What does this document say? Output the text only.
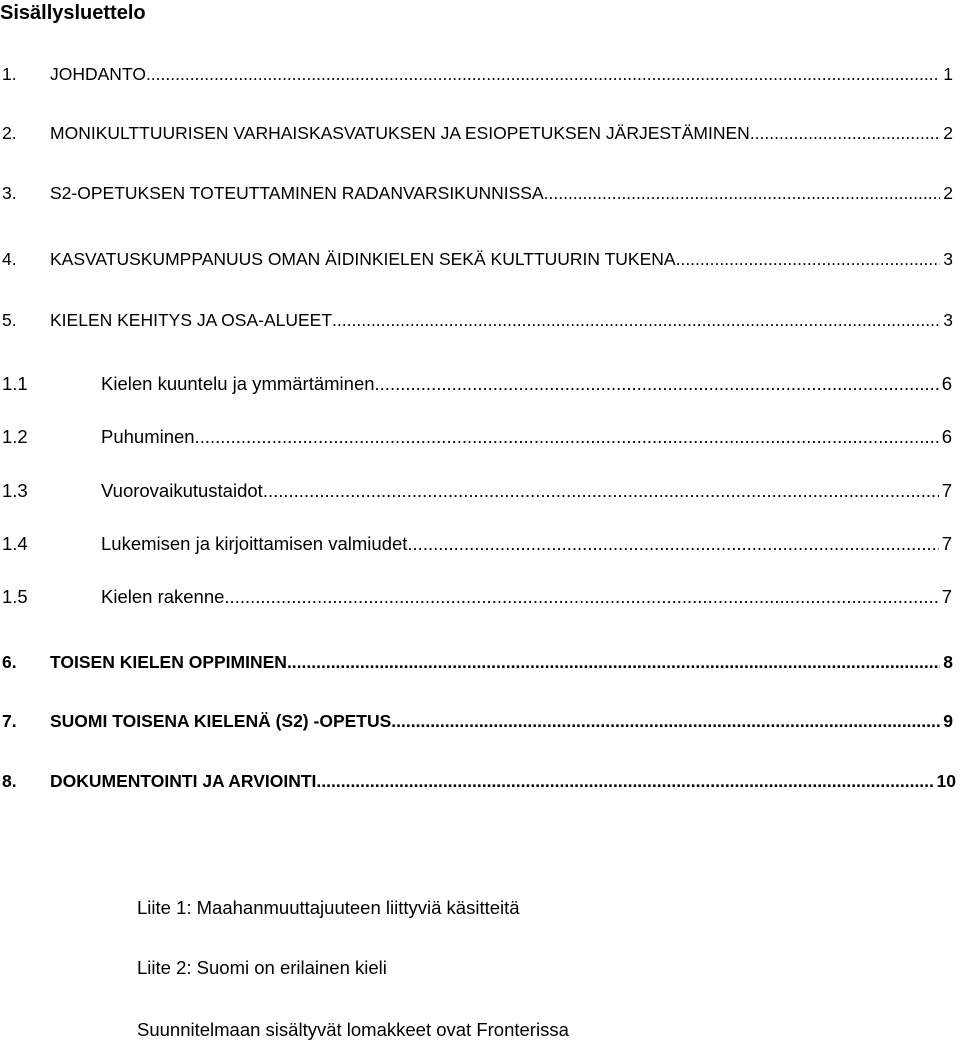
Sisällysluettelo
1.	JOHDANTO .....	1
2.	MONIKULTTUURISEN VARHAISKASVATUKSEN JA ESIOPETUKSEN JÄRJESTÄMINEN .....	2
3.	S2-OPETUKSEN TOTEUTTAMINEN RADANVARSIKUNNISSA .....	2
4.	KASVATUSKUMPPANUUS OMAN ÄIDINKIELEN SEKÄ KULTTUURIN TUKENA .....	3
5.	KIELEN KEHITYS JA OSA-ALUEET .....	3
1.1	Kielen kuuntelu ja ymmärtäminen .....	6
1.2	Puhuminen .....	6
1.3	Vuorovaikutustaidot .....	7
1.4	Lukemisen ja kirjoittamisen valmiudet .....	7
1.5	Kielen rakenne .....	7
6.	TOISEN KIELEN OPPIMINEN .....	8
7.	SUOMI TOISENA KIELENÄ (S2) -OPETUS .....	9
8.	DOKUMENTOINTI JA ARVIOINTI .....	10
Liite 1: Maahanmuuttajuuteen liittyviä käsitteitä
Liite 2: Suomi on erilainen kieli
Suunnitelmaan sisältyvät lomakkeet ovat Fronterissa
